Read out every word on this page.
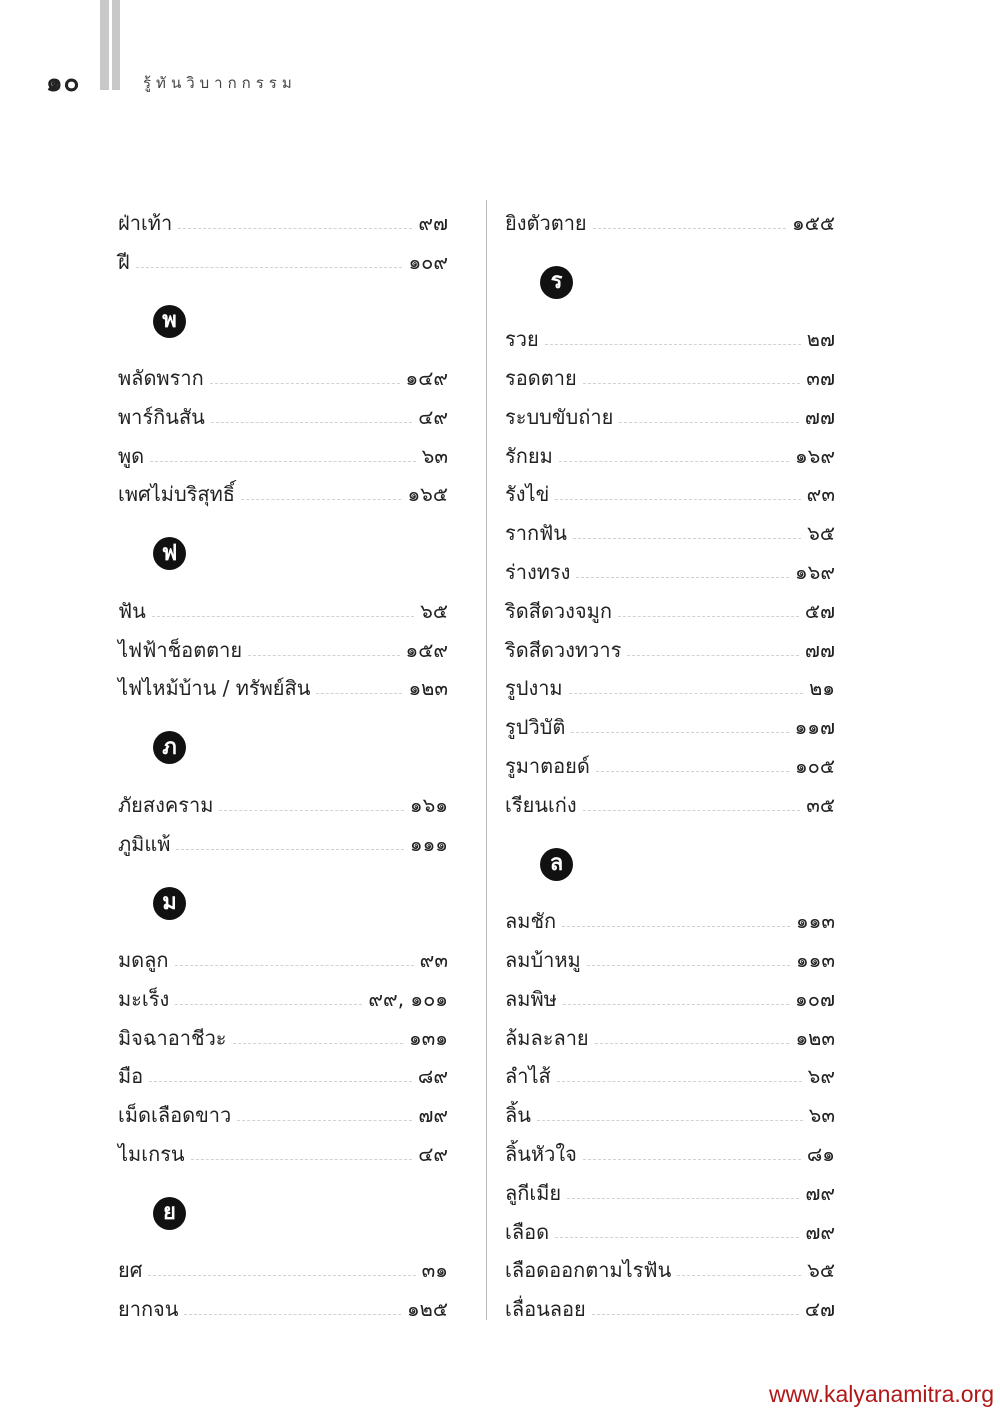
๑๐	รู้ทันวิบากกรรม
ฝ่าเท้า	๙๗
ฝี	๑๐๙
พ
พลัดพราก	๑๔๙
พาร์กินสัน	๔๙
พูด	๖๓
เพศไม่บริสุทธิ์	๑๖๕
ฟ
ฟัน	๖๕
ไฟฟ้าช็อตตาย	๑๕๙
ไฟไหม้บ้าน / ทรัพย์สิน	๑๒๓
ภ
ภัยสงคราม	๑๖๑
ภูมิแพ้	๑๑๑
ม
มดลูก	๙๓
มะเร็ง	๙๙, ๑๐๑
มิจฉาอาชีวะ	๑๓๑
มือ	๘๙
เม็ดเลือดขาว	๗๙
ไมเกรน	๔๙
ย
ยศ	๓๑
ยากจน	๑๒๕
ยิงตัวตาย	๑๕๕
ร
รวย	๒๗
รอดตาย	๓๗
ระบบขับถ่าย	๗๗
รักยม	๑๖๙
รังไข่	๙๓
รากฟัน	๖๕
ร่างทรง	๑๖๙
ริดสีดวงจมูก	๕๗
ริดสีดวงทวาร	๗๗
รูปงาม	๒๑
รูปวิบัติ	๑๑๗
รูมาตอยด์	๑๐๕
เรียนเก่ง	๓๕
ล
ลมชัก	๑๑๓
ลมบ้าหมู	๑๑๓
ลมพิษ	๑๐๗
ล้มละลาย	๑๒๓
ลำไส้	๖๙
ลิ้น	๖๓
ลิ้นหัวใจ	๘๑
ลูกีเมีย	๗๙
เลือด	๗๙
เลือดออกตามไรฟัน	๖๕
เลื่อนลอย	๔๗
www.kalyanamitra.org
